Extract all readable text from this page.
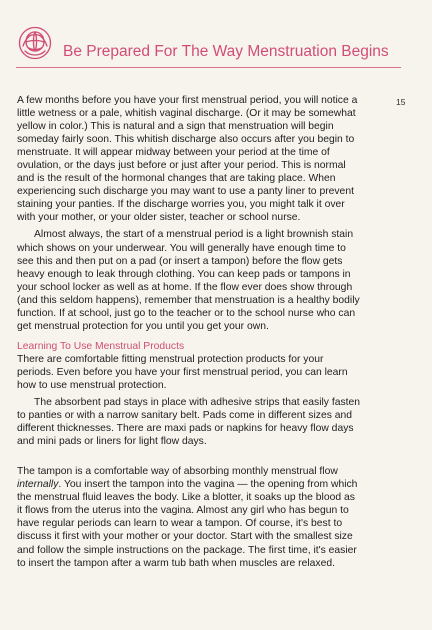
Be Prepared For The Way Menstruation Begins
15

A few months before you have your first menstrual period, you will notice a
little wetness or a pale, whitish vaginal discharge. (Or it may be somewhat
yellow in color.) This is natural and a sign that menstruation will begin
someday fairly soon. This whitish discharge also occurs after you begin to
menstruate. It will appear midway between your period at the time of
ovulation, or the days just before or just after your period. This is normal
and is the result of the hormonal changes that are taking place. When
experiencing such discharge you may want to use a panty liner to prevent
staining your panties. If the discharge worries you, you might talk it over
with your mother, or your older sister, teacher or school nurse.

Almost always, the start of a menstrual period is a light brownish stain
which shows on your underwear. You will generally have enough time to
see this and then put on a pad (or insert a tampon) before the flow gets
heavy enough to leak through clothing. You can keep pads or tampons in
your school locker as well as at home. If the flow ever does show through
(and this seldom happens), remember that menstruation is a healthy bodily
function. If at school, just go to the teacher or to the school nurse who can
get menstrual protection for you until you get your own.

Learning To Use Menstrual Products

There are comfortable fitting menstrual protection products for your
periods. Even before you have your first menstrual period, you can learn
how to use menstrual protection.

The absorbent pad stays in place with adhesive strips that easily fasten
to panties or with a narrow sanitary belt. Pads come in different sizes and
different thicknesses. There are maxi pads or napkins for heavy flow days
and mini pads or liners for light flow days.

The tampon is a comfortable way of absorbing monthly menstrual flow
internally. You insert the tampon into the vagina — the opening from which
the menstrual fluid leaves the body. Like a blotter, it soaks up the blood as
it flows from the uterus into the vagina. Almost any girl who has begun to
have regular periods can learn to wear a tampon. Of course, it's best to
discuss it first with your mother or your doctor. Start with the smallest size
and follow the simple instructions on the package. The first time, it's easier
to insert the tampon after a warm tub bath when muscles are relaxed.
